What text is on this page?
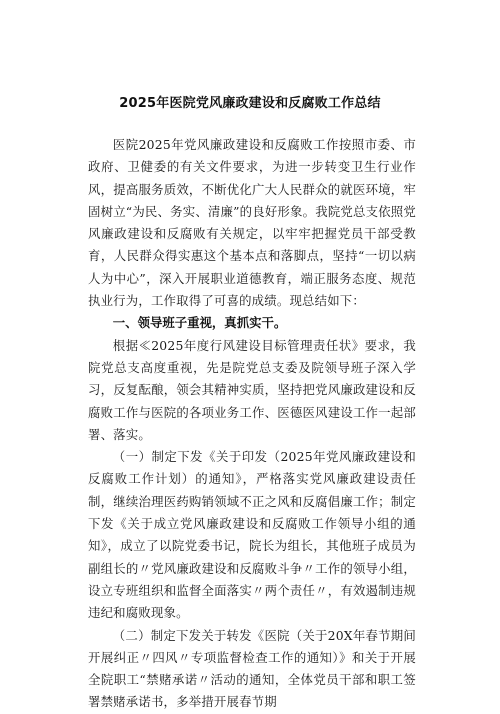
2025年医院党风廉政建设和反腐败工作总结

医院2025年党风廉政建设和反腐败工作按照市委、市政府、卫健委的有关文件要求，为进一步转变卫生行业作风，提高服务质效，不断优化广大人民群众的就医环境，牢固树立“为民、务实、清廉”的良好形象。我院党总支依照党风廉政建设和反腐败有关规定，以牢牢把握党员干部受教育，人民群众得实惠这个基本点和落脚点，坚持“一切以病人为中心”，深入开展职业道德教育，端正服务态度、规范执业行为，工作取得了可喜的成绩。现总结如下：

一、领导班子重视，真抓实干。

根据≪2025年度行风建设目标管理责任状》要求，我院党总支高度重视，先是院党总支委及院领导班子深入学习，反复酝酿，领会其精神实质，坚持把党风廉政建设和反腐败工作与医院的各项业务工作、医德医风建设工作一起部署、落实。

（一）制定下发《关于印发（2025年党风廉政建设和反腐败工作计划）的通知》，严格落实党风廉政建设责任制，继续治理医药购销领域不正之风和反腐倡廉工作；制定下发《关于成立党风廉政建设和反腐败工作领导小组的通知》，成立了以院党委书记，院长为组长，其他班子成员为副组长的〃党风廉政建设和反腐败斗争〃工作的领导小组，设立专班组织和监督全面落实〃两个责任〃，有效遏制违规违纪和腐败现象。

（二）制定下发关于转发《医院（关于20X年春节期间开展纠正〃四风〃专项监督检查工作的通知）》和关于开展全院职工“禁赌承诺〃活动的通知，全体党员干部和职工签署禁赌承诺书，多举措开展春节期
